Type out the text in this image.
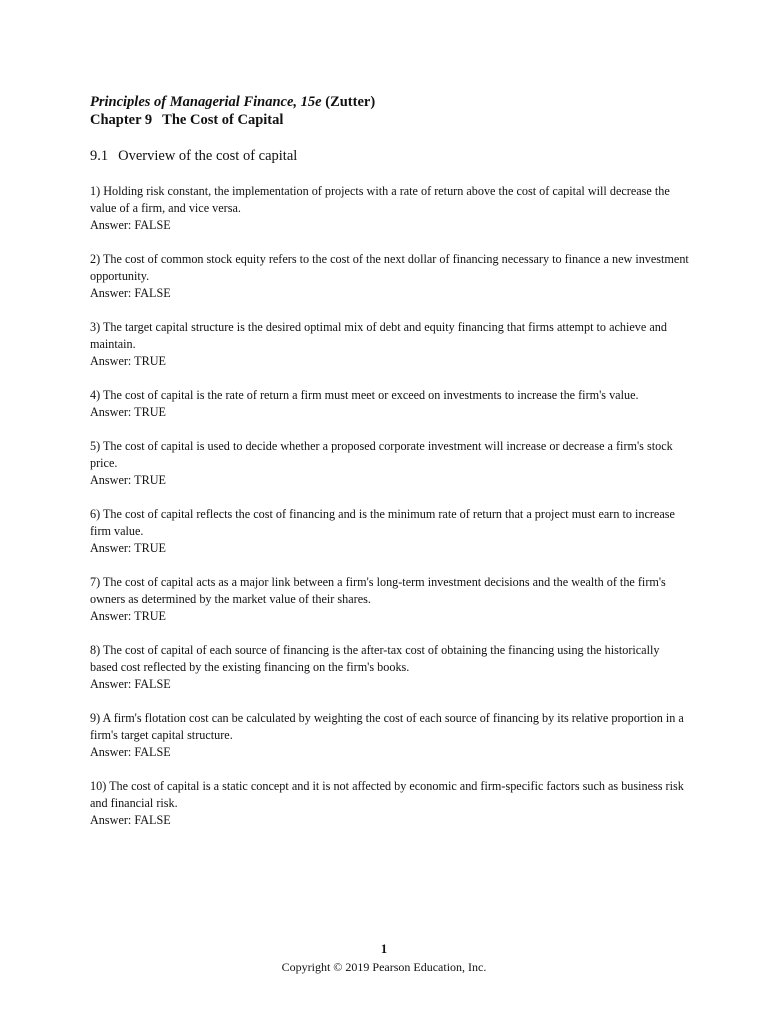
Principles of Managerial Finance, 15e (Zutter)
Chapter 9 The Cost of Capital
9.1 Overview of the cost of capital
1) Holding risk constant, the implementation of projects with a rate of return above the cost of capital will decrease the value of a firm, and vice versa.
Answer: FALSE
2) The cost of common stock equity refers to the cost of the next dollar of financing necessary to finance a new investment opportunity.
Answer: FALSE
3) The target capital structure is the desired optimal mix of debt and equity financing that firms attempt to achieve and maintain.
Answer: TRUE
4) The cost of capital is the rate of return a firm must meet or exceed on investments to increase the firm's value.
Answer: TRUE
5) The cost of capital is used to decide whether a proposed corporate investment will increase or decrease a firm's stock price.
Answer: TRUE
6) The cost of capital reflects the cost of financing and is the minimum rate of return that a project must earn to increase firm value.
Answer: TRUE
7) The cost of capital acts as a major link between a firm's long-term investment decisions and the wealth of the firm's owners as determined by the market value of their shares.
Answer: TRUE
8) The cost of capital of each source of financing is the after-tax cost of obtaining the financing using the historically based cost reflected by the existing financing on the firm's books.
Answer: FALSE
9) A firm's flotation cost can be calculated by weighting the cost of each source of financing by its relative proportion in a firm's target capital structure.
Answer: FALSE
10) The cost of capital is a static concept and it is not affected by economic and firm-specific factors such as business risk and financial risk.
Answer: FALSE
1
Copyright © 2019 Pearson Education, Inc.
